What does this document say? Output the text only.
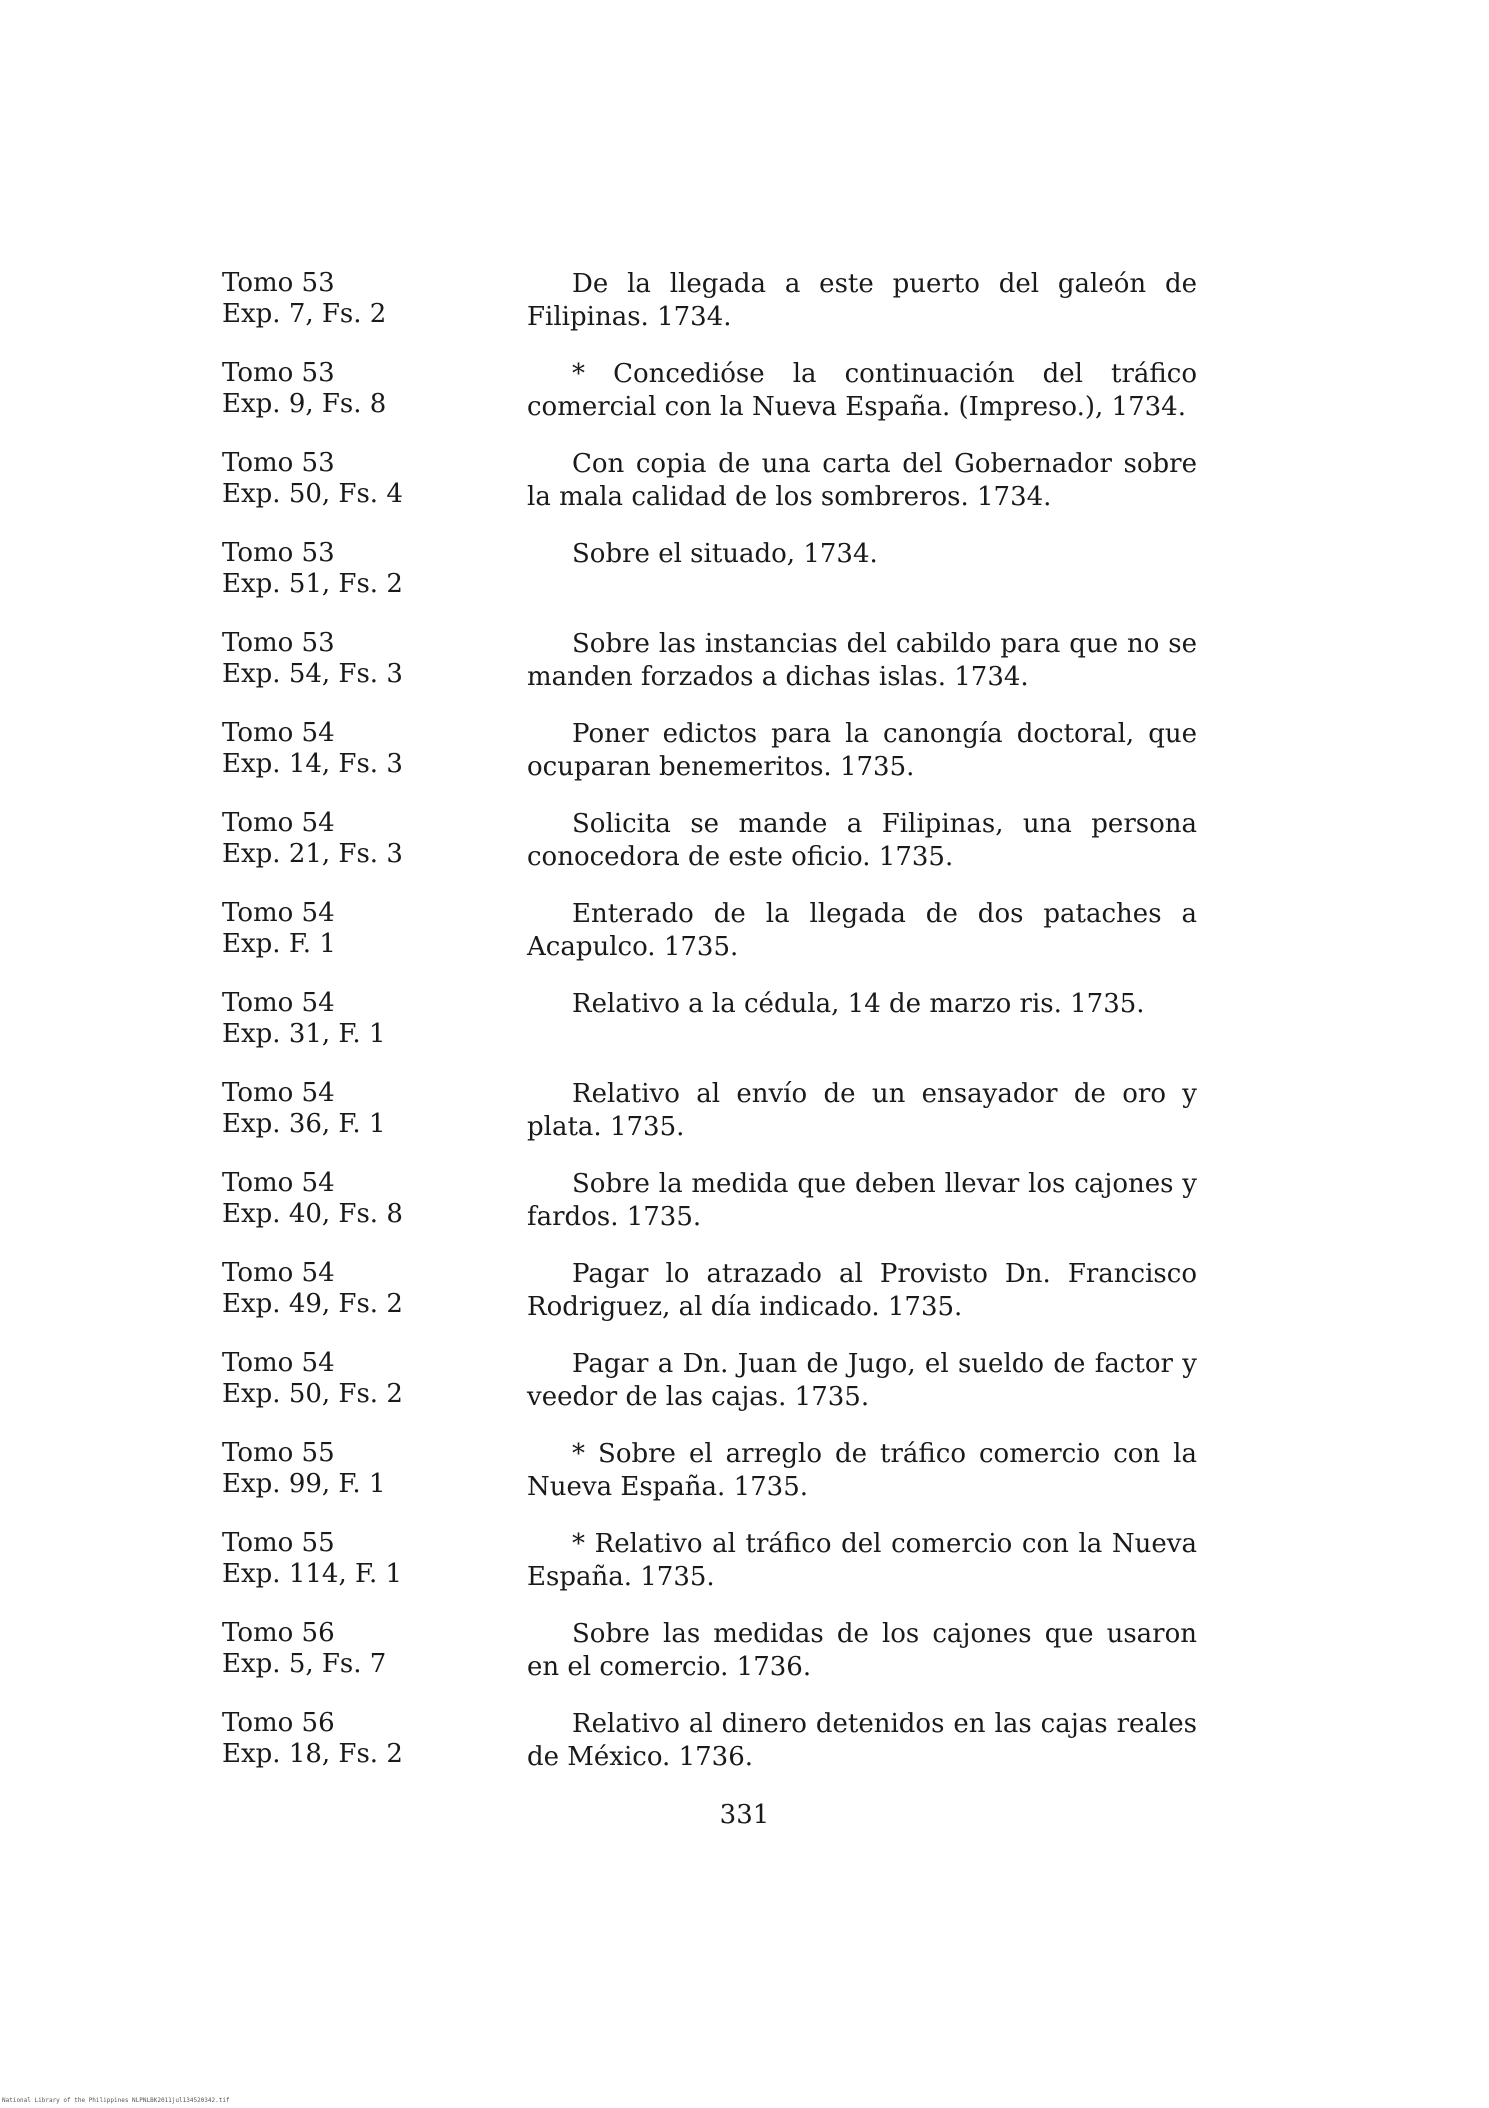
Tomo 53
Exp. 7, Fs. 2
De la llegada a este puerto del galeón de Filipinas. 1734.
Tomo 53
Exp. 9, Fs. 8
* Concedióse la continuación del tráfico comercial con la Nueva España. (Impreso.), 1734.
Tomo 53
Exp. 50, Fs. 4
Con copia de una carta del Gobernador sobre la mala calidad de los sombreros. 1734.
Tomo 53
Exp. 51, Fs. 2
Sobre el situado, 1734.
Tomo 53
Exp. 54, Fs. 3
Sobre las instancias del cabildo para que no se manden forzados a dichas islas. 1734.
Tomo 54
Exp. 14, Fs. 3
Poner edictos para la canongía doctoral, que ocuparan benemeritos. 1735.
Tomo 54
Exp. 21, Fs. 3
Solicita se mande a Filipinas, una persona conocedora de este oficio. 1735.
Tomo 54
Exp. F. 1
Enterado de la llegada de dos pataches a Acapulco. 1735.
Tomo 54
Exp. 31, F. 1
Relativo a la cédula, 14 de marzo ris. 1735.
Tomo 54
Exp. 36, F. 1
Relativo al envío de un ensayador de oro y plata. 1735.
Tomo 54
Exp. 40, Fs. 8
Sobre la medida que deben llevar los cajones y fardos. 1735.
Tomo 54
Exp. 49, Fs. 2
Pagar lo atrazado al Provisto Dn. Francisco Rodriguez, al día indicado. 1735.
Tomo 54
Exp. 50, Fs. 2
Pagar a Dn. Juan de Jugo, el sueldo de factor y veedor de las cajas. 1735.
Tomo 55
Exp. 99, F. 1
* Sobre el arreglo de tráfico comercio con la Nueva España. 1735.
Tomo 55
Exp. 114, F. 1
* Relativo al tráfico del comercio con la Nueva España. 1735.
Tomo 56
Exp. 5, Fs. 7
Sobre las medidas de los cajones que usaron en el comercio. 1736.
Tomo 56
Exp. 18, Fs. 2
Relativo al dinero detenidos en las cajas reales de México. 1736.
331
National Library of the Philippines NLPNLBK2011jul134520342.tif
